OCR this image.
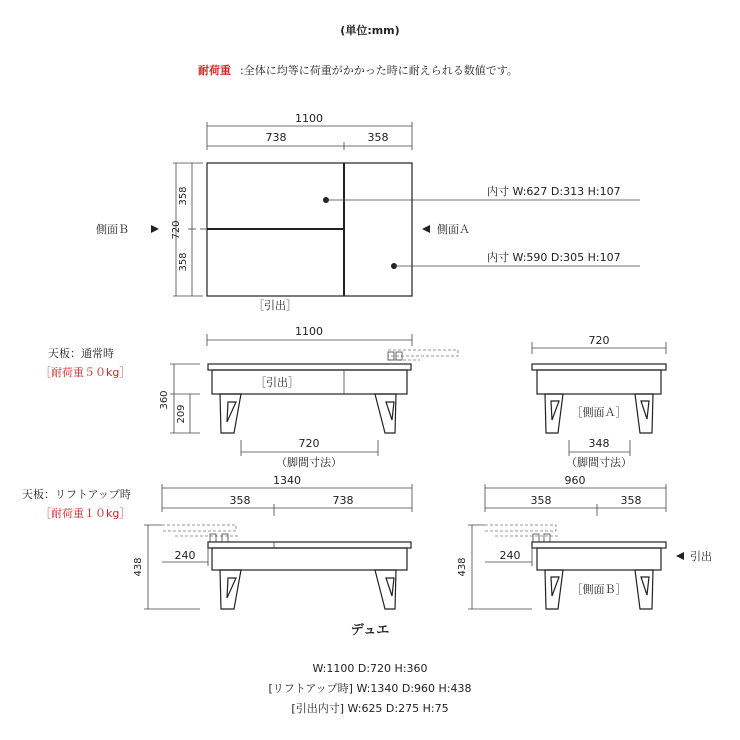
(単位:mm)
耐荷重 :全体に均等に荷重がかかった時に耐えられる数値です。
1100
738	358
720
358
358
側面Ｂ	側面Ａ
内寸 W:627 D:313 H:107
内寸 W:590 D:305 H:107
［引出］
天板：通常時
［耐荷重５０kg］
1100
［引出］
360
209
720
（脚間寸法）
720
［側面Ａ］
348
（脚間寸法）
天板：リフトアップ時
［耐荷重１０kg］
1340
358	738
438
240
960
358	358
［側面Ｂ］
438
240	引出
デュエ
W:1100 D:720 H:360
[リフトアップ時] W:1340 D:960 H:438
[引出内寸] W:625 D:275 H:75
